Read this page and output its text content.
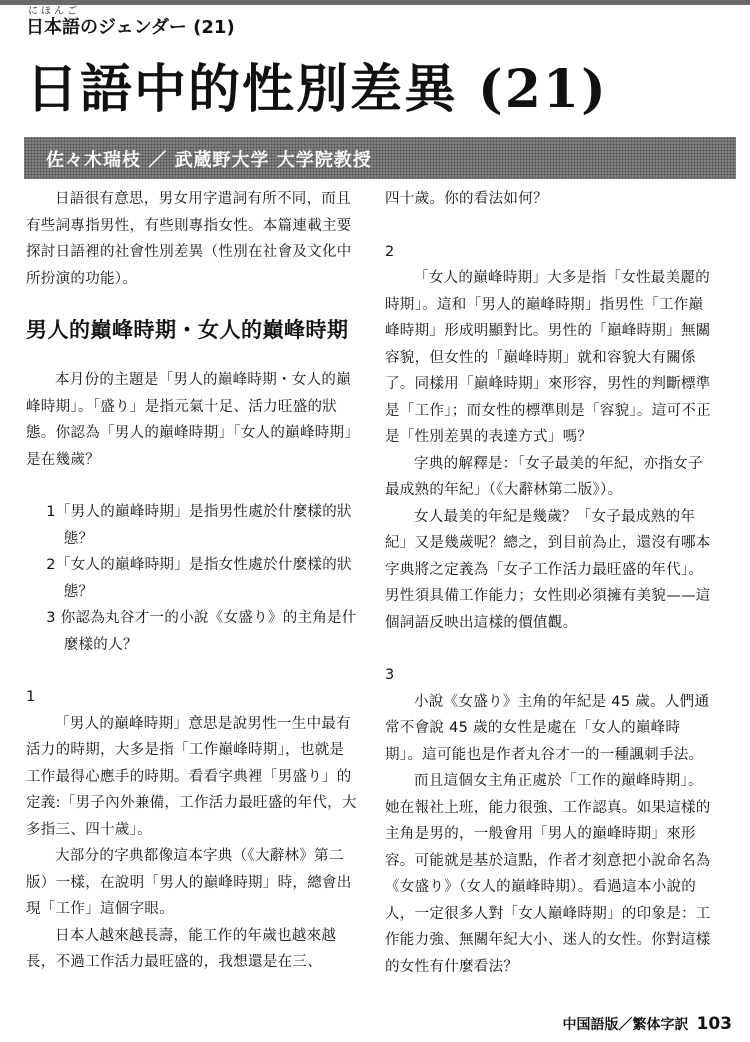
にほんご
日本語のジェンダー (21)
日語中的性別差異 (21)
佐々木瑞枝 ／ 武蔵野大学 大学院教授

日語很有意思，男女用字遣詞有所不同，而且有些詞專指男性，有些則專指女性。本篇連載主要探討日語裡的社會性別差異（性別在社會及文化中所扮演的功能）。

男人的巔峰時期・女人的巔峰時期

本月份的主題是「男人的巔峰時期・女人的巔峰時期」。「盛り」是指元氣十足、活力旺盛的狀態。你認為「男人的巔峰時期」「女人的巔峰時期」是在幾歲？

1「男人的巔峰時期」是指男性處於什麼樣的狀態？

2「女人的巔峰時期」是指女性處於什麼樣的狀態？

3 你認為丸谷才一的小說《女盛り》的主角是什麼樣的人？

1

「男人的巔峰時期」意思是說男性一生中最有活力的時期，大多是指「工作巔峰時期」，也就是工作最得心應手的時期。看看字典裡「男盛り」的定義:「男子內外兼備，工作活力最旺盛的年代，大多指三、四十歲」。

大部分的字典都像這本字典（《大辭林》第二版）一樣，在說明「男人的巔峰時期」時，總會出現「工作」這個字眼。

日本人越來越長壽，能工作的年歲也越來越長，不過工作活力最旺盛的，我想還是在三、

四十歲。你的看法如何？

2

「女人的巔峰時期」大多是指「女性最美麗的時期」。這和「男人的巔峰時期」指男性「工作巔峰時期」形成明顯對比。男性的「巔峰時期」無關容貌，但女性的「巔峰時期」就和容貌大有關係了。同樣用「巔峰時期」來形容，男性的判斷標準是「工作」；而女性的標準則是「容貌」。這可不正是「性別差異的表達方式」嗎？

字典的解釋是：「女子最美的年紀，亦指女子最成熟的年紀」（《大辭林第二版》）。

女人最美的年紀是幾歲？「女子最成熟的年紀」又是幾歲呢？總之，到目前為止，還沒有哪本字典將之定義為「女子工作活力最旺盛的年代」。男性須具備工作能力；女性則必須擁有美貌——這個詞語反映出這樣的價值觀。

3

小說《女盛り》主角的年紀是 45 歲。人們通常不會說 45 歲的女性是處在「女人的巔峰時期」。這可能也是作者丸谷才一的一種諷刺手法。

而且這個女主角正處於「工作的巔峰時期」。她在報社上班，能力很強、工作認真。如果這樣的主角是男的，一般會用「男人的巔峰時期」來形容。可能就是基於這點，作者才刻意把小說命名為《女盛り》（女人的巔峰時期）。看過這本小說的人，一定很多人對「女人巔峰時期」的印象是：工作能力強、無關年紀大小、迷人的女性。你對這樣的女性有什麼看法？

中国語版／繁体字訳 103
